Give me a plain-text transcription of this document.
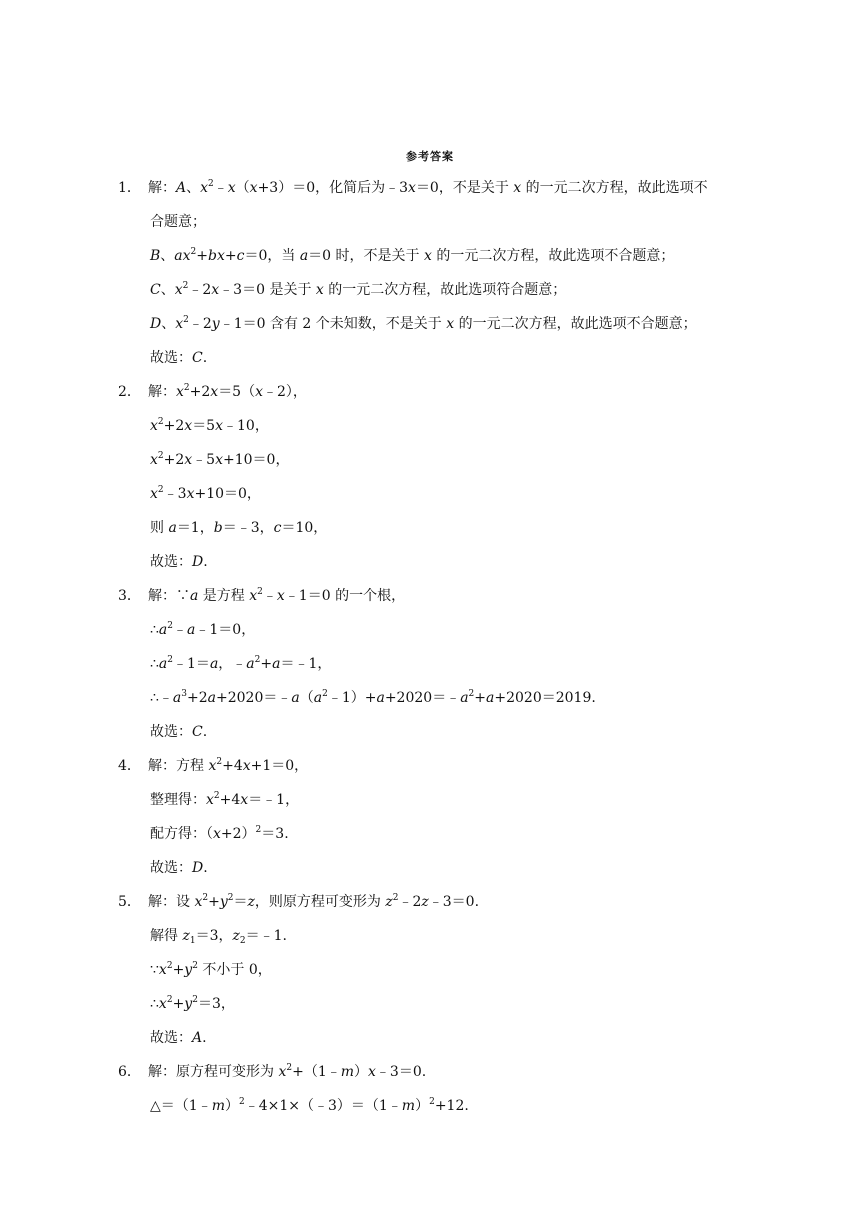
参考答案
1． 解：A、$x^2﹣x(x+3)=0$，化简后为﹣3x＝0，不是关于 x 的一元二次方程，故此选项不
合题意；
B、$ax^2+bx+c=0$，当 a＝0 时，不是关于 x 的一元二次方程，故此选项不合题意；
C、$x^2﹣2x﹣3=0$ 是关于 x 的一元二次方程，故此选项符合题意；
D、$x^2﹣2y﹣1=0$ 含有 2 个未知数，不是关于 x 的一元二次方程，故此选项不合题意；
故选：C.
2． 解：$x^2+2x=5(x﹣2)$，
$x^2+2x=5x﹣10$，
$x^2+2x﹣5x+10=0$，
$x^2﹣3x+10=0$，
则 a＝1，b＝﹣3，c＝10，
故选：D.
3． 解：∵a 是方程 $x^2﹣x﹣1=0$ 的一个根，
$\therefore a^2﹣a﹣1=0$，
$\therefore a^2﹣1=a$，$﹣a^2+a=﹣1$，
$\therefore﹣a^3+2a+2020=﹣a(a^2﹣1)+a+2020=﹣a^2+a+2020=2019$.
故选：C.
4． 解：方程 $x^2+4x+1=0$，
整理得：$x^2+4x=﹣1$，
配方得：$(x+2)^2=3$.
故选：D.
5． 解：设 $x^2+y^2=z$，则原方程可变形为 $z^2﹣2z﹣3=0$.
解得 $z_1=3$，$z_2=﹣1$.
$\because x^2+y^2$ 不小于 0，
$\therefore x^2+y^2=3$，
故选：A.
6． 解：原方程可变形为 $x^2+(1﹣m)x﹣3=0$.
△＝（1﹣m）$^2$﹣4×1×（﹣3）＝（1﹣m）$^2$+12.
